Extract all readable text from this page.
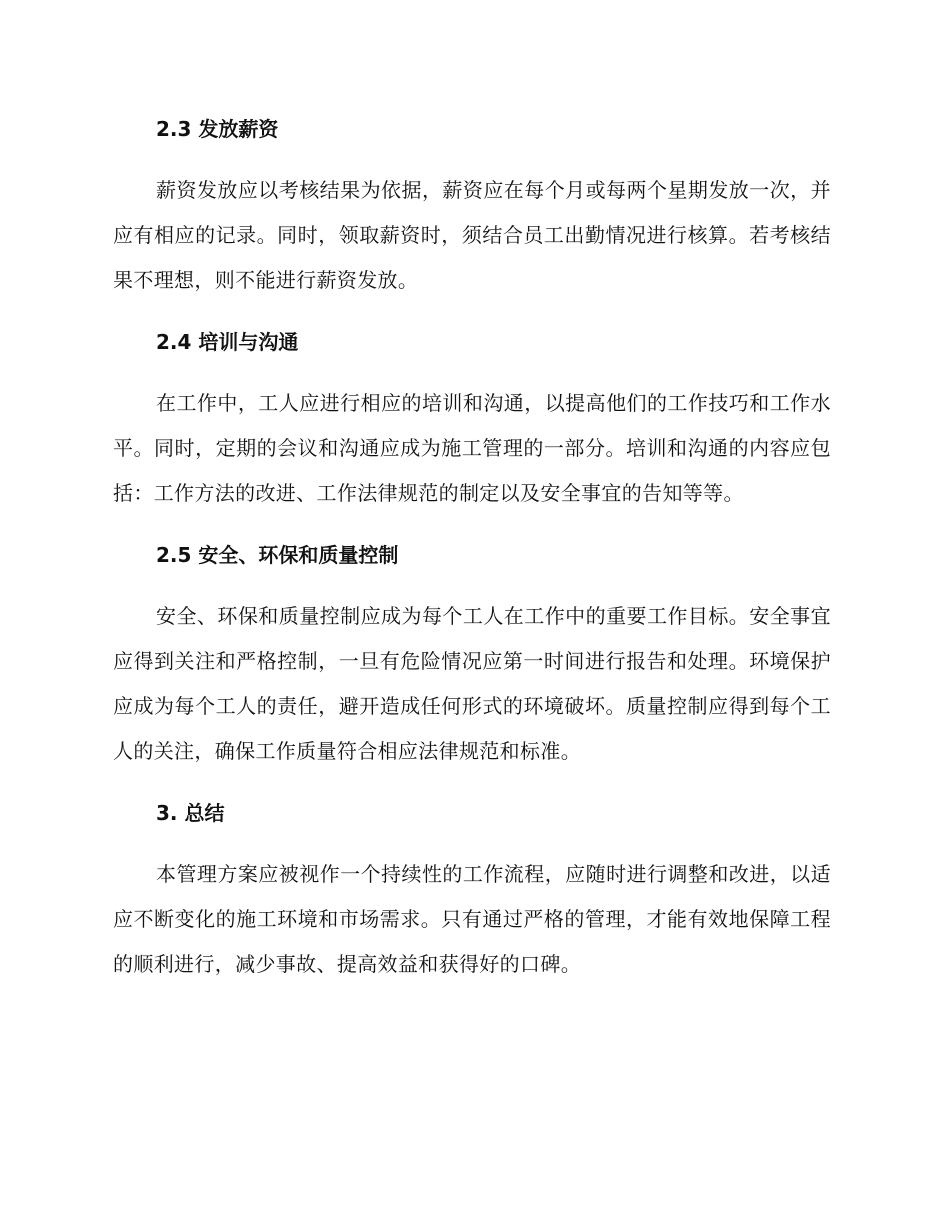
2.3 发放薪资

薪资发放应以考核结果为依据，薪资应在每个月或每两个星期发放一次，并应有相应的记录。同时，领取薪资时，须结合员工出勤情况进行核算。若考核结果不理想，则不能进行薪资发放。

2.4 培训与沟通

在工作中，工人应进行相应的培训和沟通，以提高他们的工作技巧和工作水平。同时，定期的会议和沟通应成为施工管理的一部分。培训和沟通的内容应包括：工作方法的改进、工作法律规范的制定以及安全事宜的告知等等。

2.5 安全、环保和质量控制

安全、环保和质量控制应成为每个工人在工作中的重要工作目标。安全事宜应得到关注和严格控制，一旦有危险情况应第一时间进行报告和处理。环境保护应成为每个工人的责任，避开造成任何形式的环境破坏。质量控制应得到每个工人的关注，确保工作质量符合相应法律规范和标准。

3. 总结

本管理方案应被视作一个持续性的工作流程，应随时进行调整和改进，以适应不断变化的施工环境和市场需求。只有通过严格的管理，才能有效地保障工程的顺利进行，减少事故、提高效益和获得好的口碑。
